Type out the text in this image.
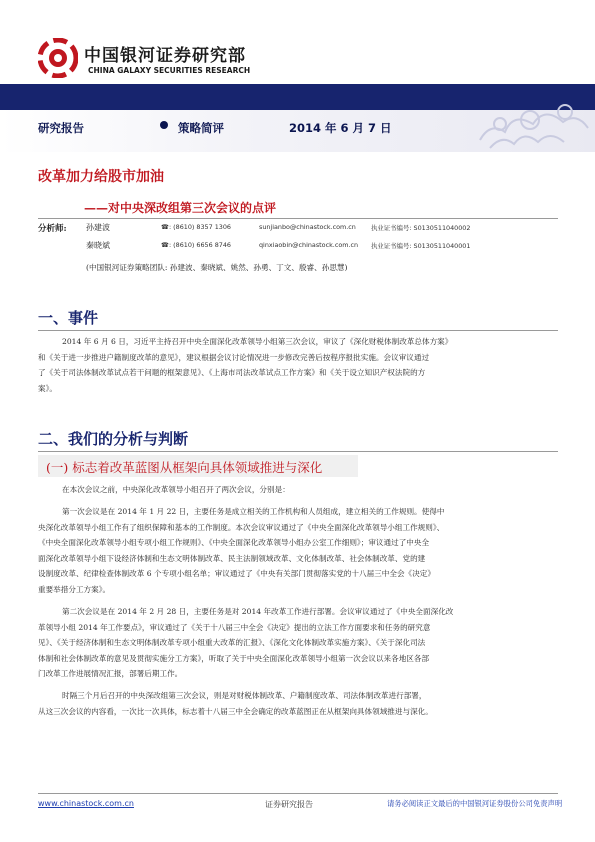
中国银河证券研究部
CHINA GALAXY SECURITIES RESEARCH
研究报告	策略简评	2014 年 6 月 7 日
改革加力给股市加油
——对中央深改组第三次会议的点评
分析师: 孙建波	☎: (8610) 8357 1306	sunjianbo@chinastock.com.cn 执业证书编号: S0130511040002
秦晓斌	☎: (8610) 6656 8746	qinxiaobin@chinastock.com.cn 执业证书编号: S0130511040001
(中国银河证券策略团队: 孙建波、秦晓斌、姚然、孙勇、丁文、殷睿、孙思慧)
一、事件
2014 年 6 月 6 日，习近平主持召开中央全面深化改革领导小组第三次会议，审议了《深化财税体制改革总体方案》
和《关于进一步推进户籍制度改革的意见》，建议根据会议讨论情况进一步修改完善后按程序报批实施。会议审议通过
了《关于司法体制改革试点若干问题的框架意见》、《上海市司法改革试点工作方案》和《关于设立知识产权法院的方
案》。
二、我们的分析与判断
(一) 标志着改革蓝图从框架向具体领域推进与深化
在本次会议之前，中央深化改革领导小组召开了两次会议，分别是：
第一次会议是在 2014 年 1 月 22 日，主要任务是成立相关的工作机构和人员组成，建立相关的工作规则。使得中
央深化改革领导小组工作有了组织保障和基本的工作制度。本次会议审议通过了《中央全面深化改革领导小组工作规则》、
《中央全面深化改革领导小组专项小组工作规则》、《中央全面深化改革领导小组办公室工作细则》；审议通过了中央全
面深化改革领导小组下设经济体制和生态文明体制改革、民主法制领域改革、文化体制改革、社会体制改革、党的建
设制度改革、纪律检查体制改革 6 个专项小组名单；审议通过了《中央有关部门贯彻落实党的十八届三中全会《决定》
重要举措分工方案》。
第二次会议是在 2014 年 2 月 28 日，主要任务是对 2014 年改革工作进行部署。会议审议通过了《中央全面深化改
革领导小组 2014 年工作要点》，审议通过了《关于十八届三中全会《决定》提出的立法工作方面要求和任务的研究意
见》、《关于经济体制和生态文明体制改革专项小组重大改革的汇报》、《深化文化体制改革实施方案》、《关于深化司法
体制和社会体制改革的意见及贯彻实施分工方案》，听取了关于中央全面深化改革领导小组第一次会议以来各地区各部
门改革工作进展情况汇报，部署后期工作。
时隔三个月后召开的中央深改组第三次会议，则是对财税体制改革、户籍制度改革、司法体制改革进行部署，
从这三次会议的内容看，一次比一次具体，标志着十八届三中全会确定的改革蓝图正在从框架向具体领域推进与深化。
www.chinastock.com.cn	证券研究报告	请务必阅读正文最后的中国银河证券股份公司免责声明
